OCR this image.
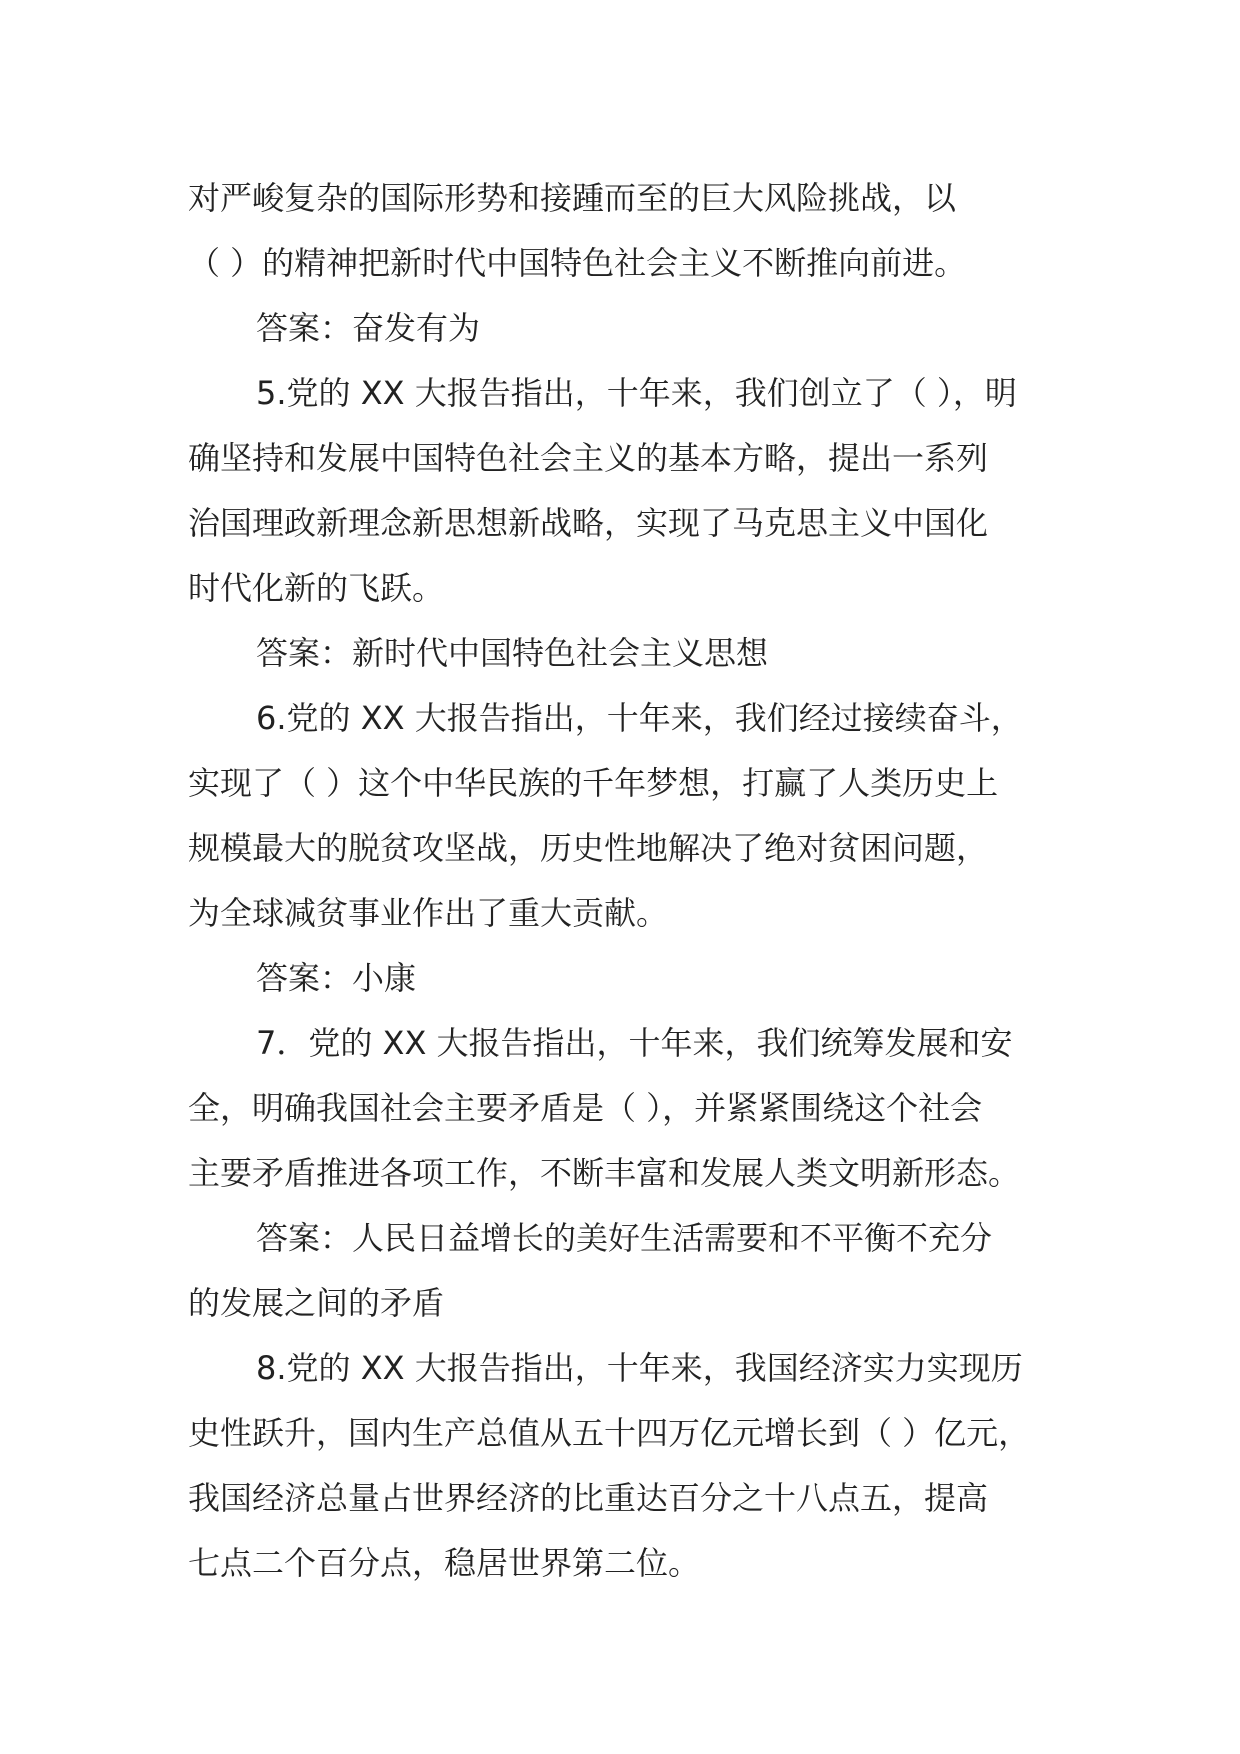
对严峻复杂的国际形势和接踵而至的巨大风险挑战，以
（ ）的精神把新时代中国特色社会主义不断推向前进。
答案：奋发有为
5.党的 XX 大报告指出，十年来，我们创立了（ ），明
确坚持和发展中国特色社会主义的基本方略，提出一系列
治国理政新理念新思想新战略，实现了马克思主义中国化
时代化新的飞跃。
答案：新时代中国特色社会主义思想
6.党的 XX 大报告指出，十年来，我们经过接续奋斗，
实现了（ ）这个中华民族的千年梦想，打赢了人类历史上
规模最大的脱贫攻坚战，历史性地解决了绝对贫困问题，
为全球减贫事业作出了重大贡献。
答案：小康
7．党的 XX 大报告指出，十年来，我们统筹发展和安
全，明确我国社会主要矛盾是（ ），并紧紧围绕这个社会
主要矛盾推进各项工作，不断丰富和发展人类文明新形态。
答案：人民日益增长的美好生活需要和不平衡不充分
的发展之间的矛盾
8.党的 XX 大报告指出，十年来，我国经济实力实现历
史性跃升，国内生产总值从五十四万亿元增长到（ ）亿元，
我国经济总量占世界经济的比重达百分之十八点五，提高
七点二个百分点，稳居世界第二位。
